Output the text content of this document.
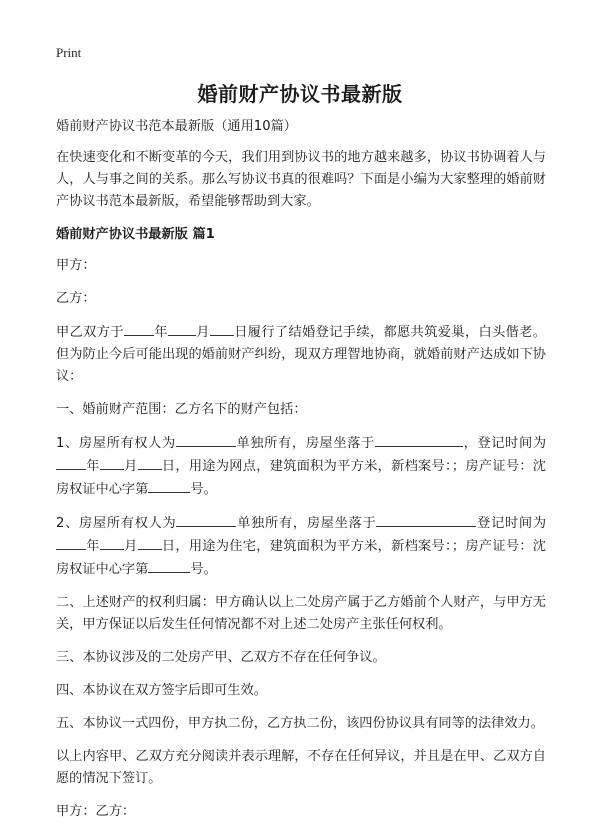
Print
婚前财产协议书最新版

婚前财产协议书范本最新版（通用10篇）

在快速变化和不断变革的今天，我们用到协议书的地方越来越多，协议书协调着人与人，人与事之间的关系。那么写协议书真的很难吗？下面是小编为大家整理的婚前财产协议书范本最新版，希望能够帮助到大家。

婚前财产协议书最新版 篇1

甲方：

乙方：

甲乙双方于 年 月 日履行了结婚登记手续，都愿共筑爱巢，白头偕老。但为防止今后可能出现的婚前财产纠纷，现双方理智地协商，就婚前财产达成如下协议：

一、婚前财产范围：乙方名下的财产包括：

1、房屋所有权人为	单独所有，房屋坐落于	，登记时间为年 月 日，用途为网点，建筑面积为平方米，新档案号：；房产证号：沈房权证中心字第	号。

2、房屋所有权人为	单独所有，房屋坐落于	登记时间为年 月 日，用途为住宅，建筑面积为平方米，新档案号：；房产证号：沈房权证中心字第	号。

二、上述财产的权利归属：甲方确认以上二处房产属于乙方婚前个人财产，与甲方无关，甲方保证以后发生任何情况都不对上述二处房产主张任何权利。

三、本协议涉及的二处房产甲、乙双方不存在任何争议。

四、本协议在双方签字后即可生效。

五、本协议一式四份，甲方执二份，乙方执二份，该四份协议具有同等的法律效力。

以上内容甲、乙双方充分阅读并表示理解，不存在任何异议，并且是在甲、乙双方自愿的情况下签订。

甲方：乙方：
